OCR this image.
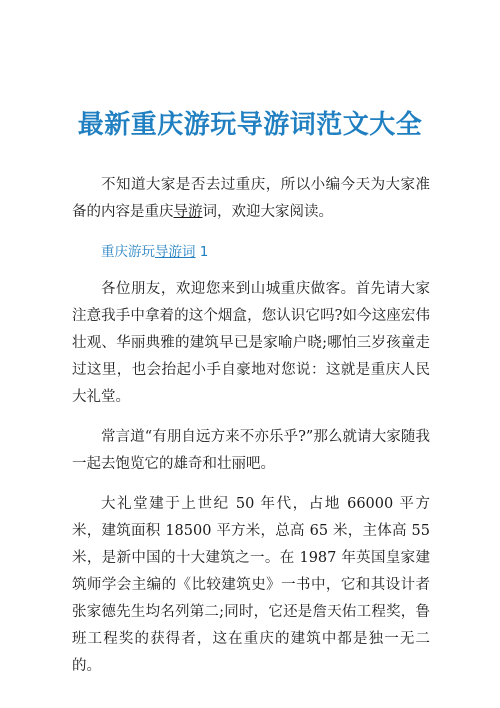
最新重庆游玩导游词范文大全

不知道大家是否去过重庆，所以小编今天为大家准备的内容是重庆导游词，欢迎大家阅读。

重庆游玩导游词 1

各位朋友，欢迎您来到山城重庆做客。首先请大家注意我手中拿着的这个烟盒，您认识它吗?如今这座宏伟壮观、华丽典雅的建筑早已是家喻户晓;哪怕三岁孩童走过这里，也会抬起小手自豪地对您说：这就是重庆人民大礼堂。

常言道“有朋自远方来不亦乐乎?”那么就请大家随我一起去饱览它的雄奇和壮丽吧。

大礼堂建于上世纪 50 年代，占地 66000 平方米，建筑面积 18500 平方米，总高 65 米，主体高 55 米，是新中国的十大建筑之一。在 1987 年英国皇家建筑师学会主编的《比较建筑史》一书中，它和其设计者张家德先生均名列第二;同时，它还是詹天佑工程奖，鲁班工程奖的获得者，这在重庆的建筑中都是独一无二的。
